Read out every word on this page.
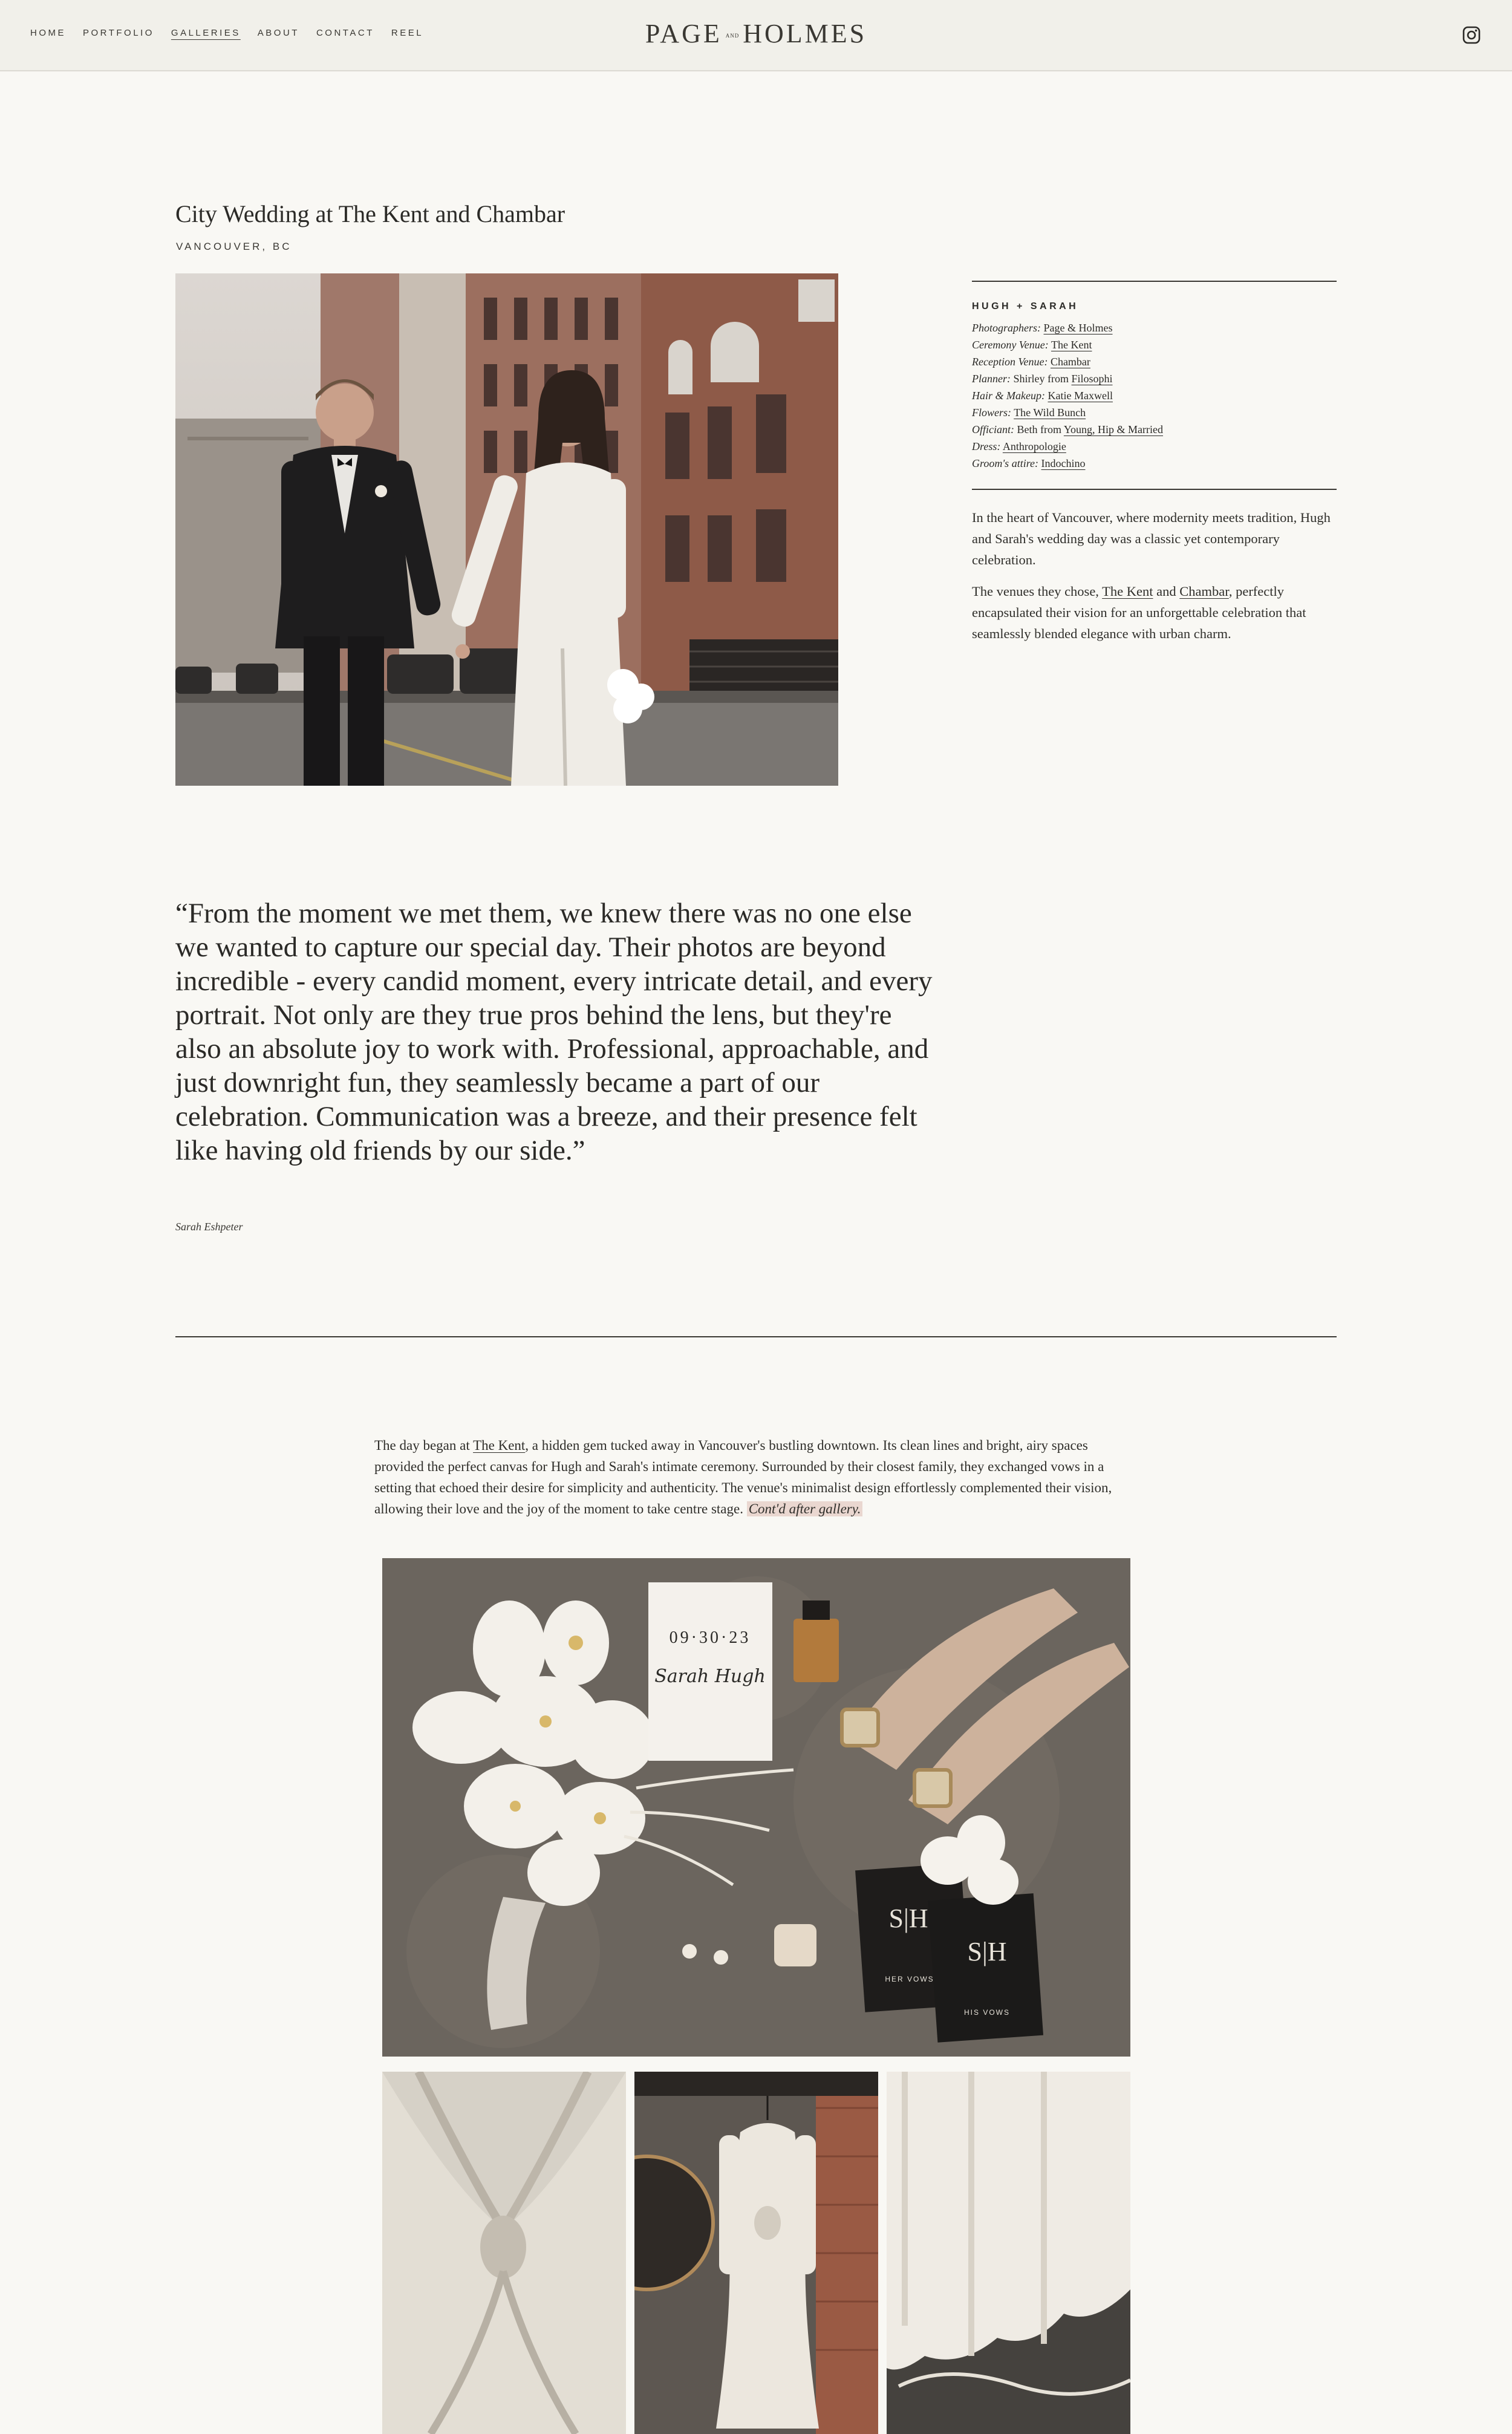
HOME PORTFOLIO GALLERIES ABOUT CONTACT REEL	PAGE AND HOLMES
City Wedding at The Kent and Chambar
VANCOUVER, BC
HUGH + SARAH
Photographers: Page & Holmes
Ceremony Venue: The Kent
Reception Venue: Chambar
Planner: Shirley from Filosophi
Hair & Makeup: Katie Maxwell
Flowers: The Wild Bunch
Officiant: Beth from Young, Hip & Married
Dress: Anthropologie
Groom's attire: Indochino

In the heart of Vancouver, where modernity meets tradition, Hugh and Sarah's wedding day was a classic yet contemporary celebration.

The venues they chose, The Kent and Chambar, perfectly encapsulated their vision for an unforgettable celebration that seamlessly blended elegance with urban charm.

“From the moment we met them, we knew there was no one else we wanted to capture our special day. Their photos are beyond incredible - every candid moment, every intricate detail, and every portrait. Not only are they true pros behind the lens, but they're also an absolute joy to work with. Professional, approachable, and just downright fun, they seamlessly became a part of our celebration. Communication was a breeze, and their presence felt like having old friends by our side.”
Sarah Eshpeter

The day began at The Kent, a hidden gem tucked away in Vancouver's bustling downtown. Its clean lines and bright, airy spaces provided the perfect canvas for Hugh and Sarah's intimate ceremony. Surrounded by their closest family, they exchanged vows in a setting that echoed their desire for simplicity and authenticity. The venue's minimalist design effortlessly complemented their vision, allowing their love and the joy of the moment to take centre stage. Cont'd after gallery.

09·30·23
Sarah Hugh
S|H
HER VOWS
S|H
HIS VOWS
